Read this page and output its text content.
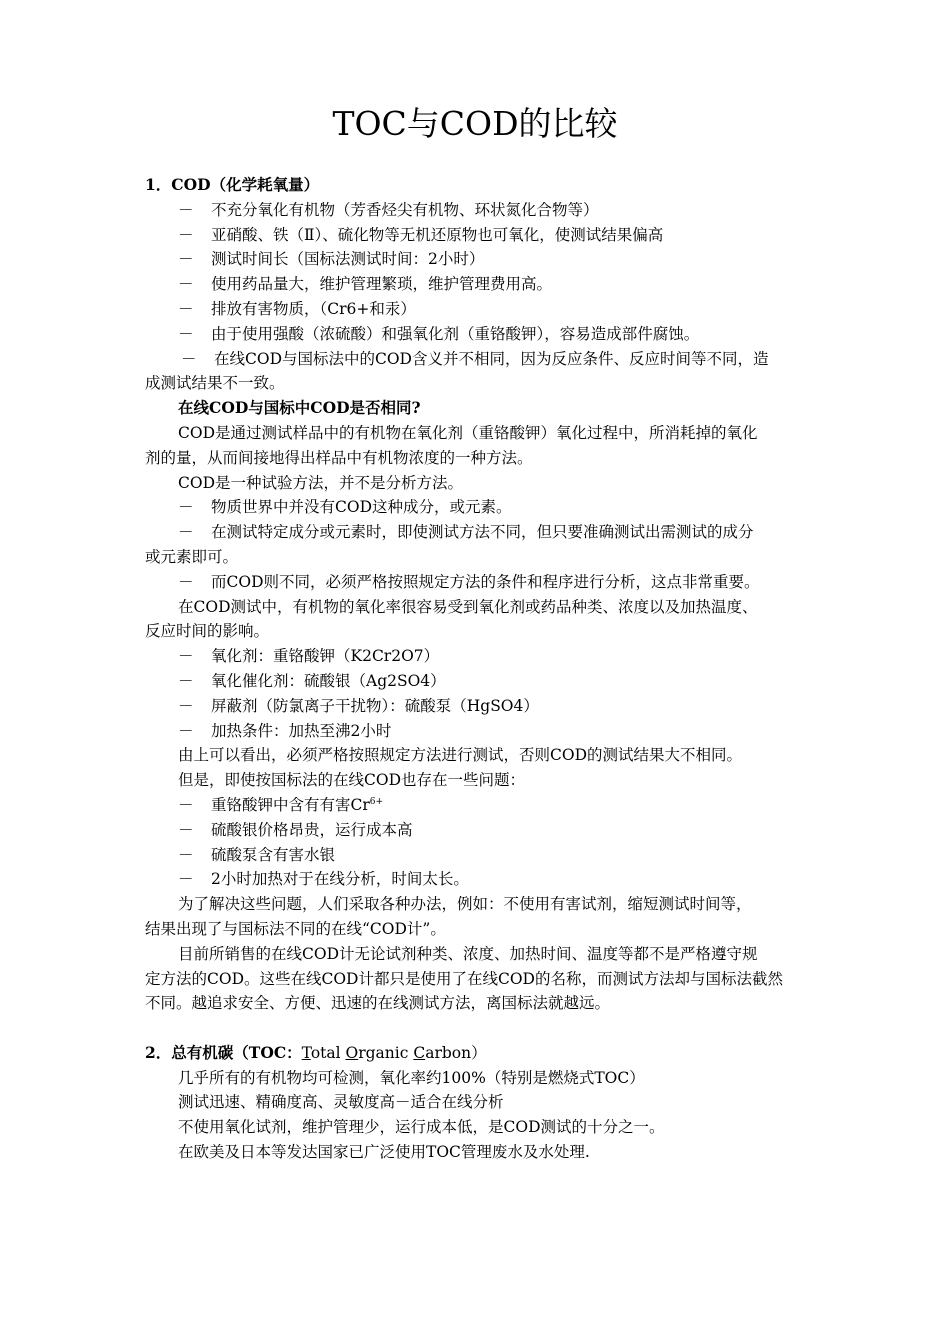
TOC与COD的比较
1．COD（化学耗氧量）
－ 不充分氧化有机物（芳香烃尖有机物、环状氮化合物等）
－ 亚硝酸、铁（Ⅱ）、硫化物等无机还原物也可氧化，使测试结果偏高
－ 测试时间长（国标法测试时间：2小时）
－ 使用药品量大，维护管理繁琐，维护管理费用高。
－ 排放有害物质，（Cr6+和汞）
－ 由于使用强酸（浓硫酸）和强氧化剂（重铬酸钾），容易造成部件腐蚀。
－ 在线COD与国标法中的COD含义并不相同，因为反应条件、反应时间等不同，造
成测试结果不一致。
在线COD与国标中COD是否相同?
COD是通过测试样品中的有机物在氧化剂（重铬酸钾）氧化过程中，所消耗掉的氧化
剂的量，从而间接地得出样品中有机物浓度的一种方法。
COD是一种试验方法，并不是分析方法。
－ 物质世界中并没有COD这种成分，或元素。
－ 在测试特定成分或元素时，即使测试方法不同，但只要准确测试出需测试的成分
或元素即可。
－ 而COD则不同，必须严格按照规定方法的条件和程序进行分析，这点非常重要。
在COD测试中，有机物的氧化率很容易受到氧化剂或药品种类、浓度以及加热温度、
反应时间的影响。
－ 氧化剂：重铬酸钾（K2Cr2O7）
－ 氧化催化剂：硫酸银（Ag2SO4）
－ 屏蔽剂（防氯离子干扰物）：硫酸泵（HgSO4）
－ 加热条件：加热至沸2小时
由上可以看出，必须严格按照规定方法进行测试，否则COD的测试结果大不相同。
但是，即使按国标法的在线COD也存在一些问题：
－ 重铬酸钾中含有有害$Cr^{6+}$
－ 硫酸银价格昂贵，运行成本高
－ 硫酸泵含有害水银
－ 2小时加热对于在线分析，时间太长。
为了解决这些问题，人们采取各种办法，例如：不使用有害试剂，缩短测试时间等，
结果出现了与国标法不同的在线“COD计”。
目前所销售的在线COD计无论试剂种类、浓度、加热时间、温度等都不是严格遵守规
定方法的COD。这些在线COD计都只是使用了在线COD的名称，而测试方法却与国标法截然
不同。越追求安全、方便、迅速的在线测试方法，离国标法就越远。
2．总有机碳（TOC：Total Organic Carbon）
几乎所有的有机物均可检测，氧化率约100%（特别是燃烧式TOC）
测试迅速、精确度高、灵敏度高－适合在线分析
不使用氧化试剂，维护管理少，运行成本低，是COD测试的十分之一。
在欧美及日本等发达国家已广泛使用TOC管理废水及水处理.
